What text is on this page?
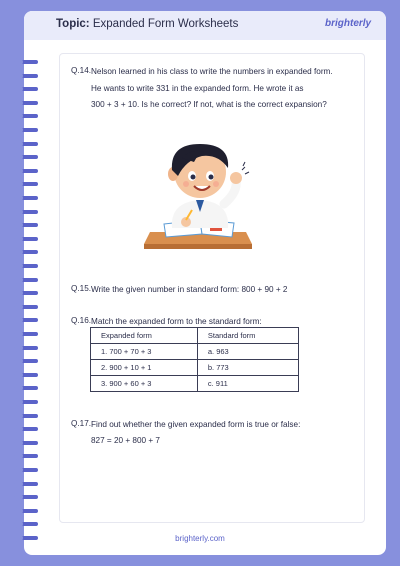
Topic: Expanded Form Worksheets	brighterly
Q.14. Nelson learned in his class to write the numbers in expanded form.
He wants to write 331 in the expanded form. He wrote it as
300 + 3 + 10. Is he correct? If not, what is the correct expansion?
Q.15. Write the given number in standard form: 800 + 90 + 2
Q.16. Match the expanded form to the standard form:
Expanded form	Standard form
1. 700 + 70 + 3	a. 963
2. 900 + 10 + 1	b. 773
3. 900 + 60 + 3	c. 911
Q.17. Find out whether the given expanded form is true or false:
827 = 20 + 800 + 7
brighterly.com
